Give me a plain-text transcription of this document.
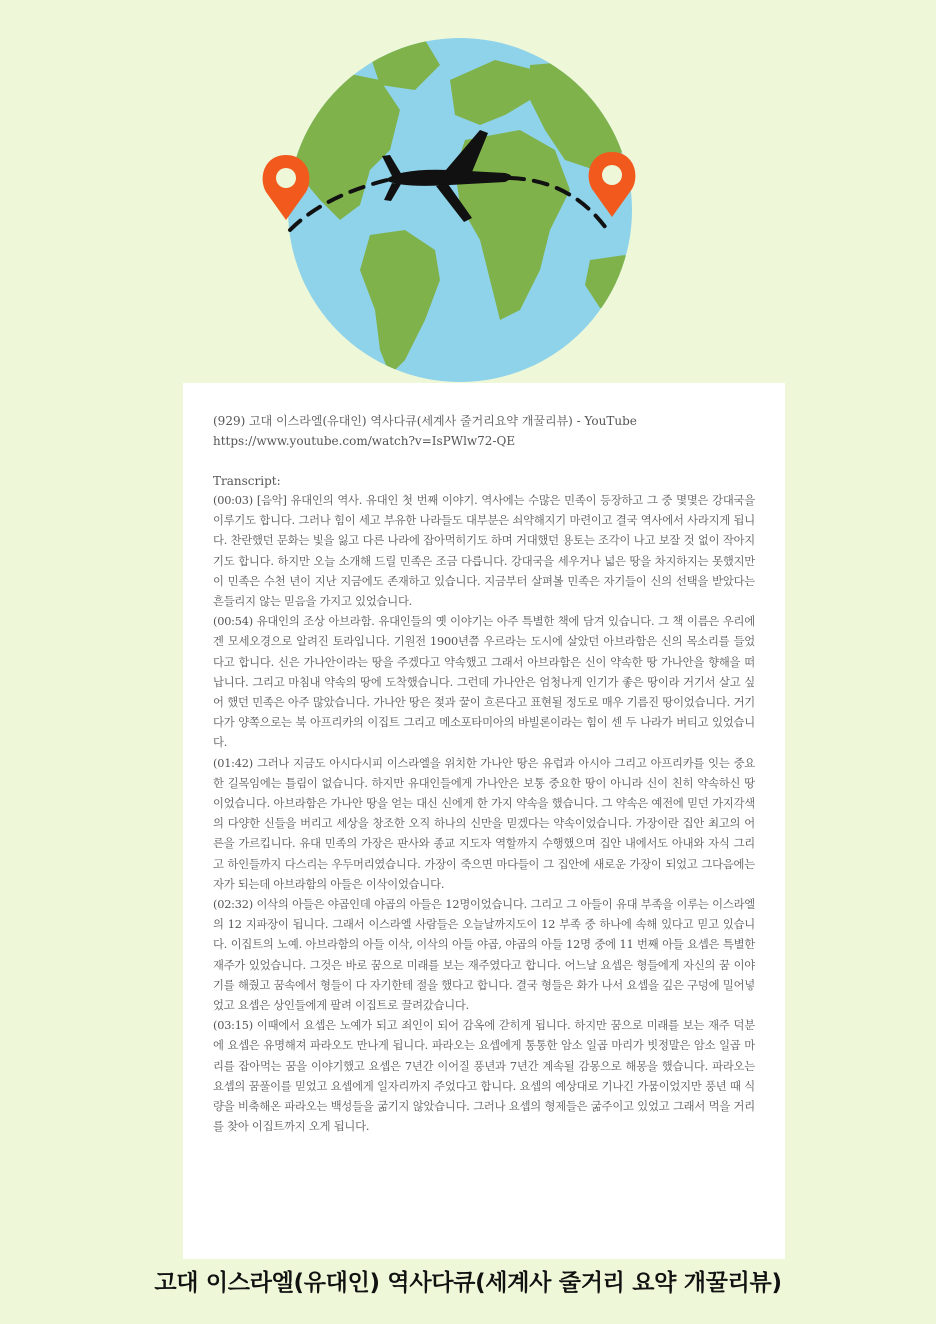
(929) 고대 이스라엘(유대인) 역사다큐(세계사 줄거리요약 개꿀리뷰) - YouTube
https://www.youtube.com/watch?v=IsPWlw72-QE
Transcript:
(00:03) [음악] 유대인의 역사. 유대인 첫 번째 이야기. 역사에는 수많은 민족이 등장하고 그 중 몇몇은 강대국을 이루기도 합니다. 그러나 힘이 세고 부유한 나라들도 대부분은 쇠약해지기 마련이고 결국 역사에서 사라지게 됩니다. 찬란했던 문화는 빛을 잃고 다른 나라에 잡아먹히기도 하며 거대했던 용토는 조각이 나고 보잘 것 없이 작아지기도 합니다. 하지만 오늘 소개해 드릴 민족은 조금 다릅니다. 강대국을 세우거나 넓은 땅을 차지하지는 못했지만이 민족은 수천 년이 지난 지금에도 존재하고 있습니다. 지금부터 살펴볼 민족은 자기들이 신의 선택을 받았다는 흔들리지 않는 믿음을 가지고 있었습니다.
(00:54) 유대인의 조상 아브라함. 유대인들의 옛 이야기는 아주 특별한 책에 담겨 있습니다. 그 책 이름은 우리에겐 모세오경으로 알려진 토라입니다. 기원전 1900년쯤 우르라는 도시에 살았던 아브라함은 신의 목소리를 들었다고 합니다. 신은 가나안이라는 땅을 주겠다고 약속했고 그래서 아브라함은 신이 약속한 땅 가나안을 향해을 떠납니다. 그리고 마침내 약속의 땅에 도착했습니다. 그런데 가나안은 엄청나게 인기가 좋은 땅이라 거기서 살고 싶어 했던 민족은 아주 많았습니다. 가나안 땅은 젖과 꿀이 흐른다고 표현될 정도로 매우 기름진 땅이었습니다. 거기다가 양쪽으로는 북 아프리카의 이집트 그리고 메소포타미아의 바빌론이라는 힘이 센 두 나라가 버티고 있었습니다.
(01:42) 그러나 지금도 아시다시피 이스라엘을 위치한 가나안 땅은 유럽과 아시아 그리고 아프리카를 잇는 중요한 길목임에는 틀림이 없습니다. 하지만 유대인들에게 가나안은 보통 중요한 땅이 아니라 신이 친히 약속하신 땅이었습니다. 아브라함은 가나안 땅을 얻는 대신 신에게 한 가지 약속을 했습니다. 그 약속은 예전에 믿던 가지각색의 다양한 신들을 버리고 세상을 창조한 오직 하나의 신만을 믿겠다는 약속이었습니다. 가장이란 집안 최고의 어른을 가르킵니다. 유대 민족의 가장은 판사와 종교 지도자 역할까지 수행했으며 집안 내에서도 아내와 자식 그리고 하인들까지 다스리는 우두머리였습니다. 가장이 죽으면 마다들이 그 집안에 새로운 가장이 되었고 그다음에는자가 되는데 아브라함의 아들은 이삭이었습니다.
(02:32) 이삭의 아들은 야곱인데 야곱의 아들은 12명이었습니다. 그리고 그 아들이 유대 부족을 이루는 이스라엘의 12 지파장이 됩니다. 그래서 이스라엘 사람들은 오늘날까지도이 12 부족 중 하나에 속해 있다고 믿고 있습니다. 이집트의 노예. 아브라함의 아들 이삭, 이삭의 아들 야곱, 야곱의 아들 12명 중에 11 번째 아들 요셉은 특별한 재주가 있었습니다. 그것은 바로 꿈으로 미래를 보는 재주였다고 합니다. 어느날 요셉은 형들에게 자신의 꿈 이야기를 해줬고 꿈속에서 형들이 다 자기한테 절을 했다고 합니다. 결국 형들은 화가 나서 요셉을 깊은 구덩에 밀어넣었고 요셉은 상인들에게 팔려 이집트로 끌려갔습니다.
(03:15) 이때에서 요셉은 노예가 되고 죄인이 되어 감옥에 갇히게 됩니다. 하지만 꿈으로 미래를 보는 재주 덕분에 요셉은 유명해져 파라오도 만나게 됩니다. 파라오는 요셉에게 통통한 암소 일곱 마리가 빗정말은 암소 일곱 마리를 잡아먹는 꿈을 이야기했고 요셉은 7년간 이어질 풍년과 7년간 계속될 감몽으로 해몽을 했습니다. 파라오는 요셉의 꿈풀이를 믿었고 요셉에게 일자리까지 주었다고 합니다. 요셉의 예상대로 기나긴 가뭄이었지만 풍년 때 식량을 비축해온 파라오는 백성들을 굶기지 않았습니다. 그러나 요셉의 형제들은 굶주이고 있었고 그래서 먹을 거리를 찾아 이집트까지 오게 됩니다.
고대 이스라엘(유대인) 역사다큐(세계사 줄거리 요약 개꿀리뷰)
